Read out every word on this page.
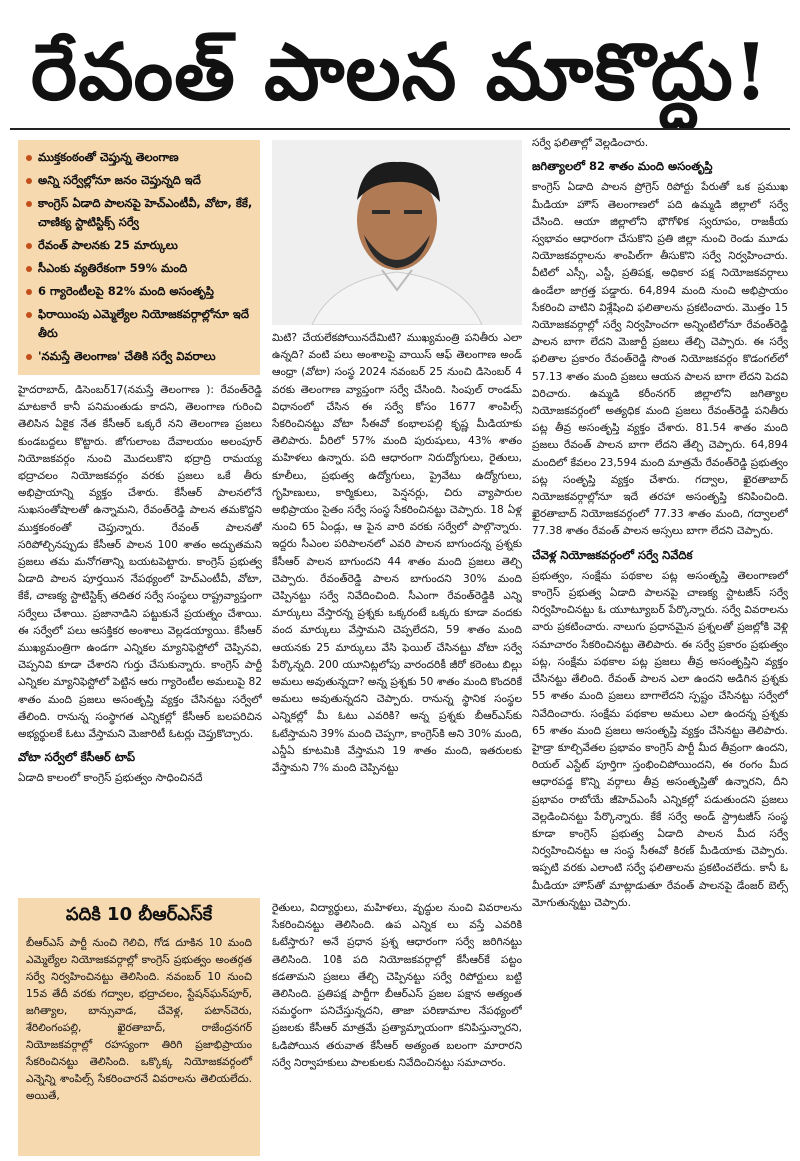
రేవంత్ పాలన మాకొద్దు!
ముక్తకంఠంతో చెప్తున్న తెలంగాణ
అన్ని సర్వేల్లోనూ జనం చెప్తున్నది ఇదే
కాంగ్రెస్ ఏడాది పాలనపై హెచ్ఎంటీవీ, వోటా, కేకే, చాణిక్య స్టాటిస్టిక్స్ సర్వే
రేవంత్ పాలనకు 25 మార్కులు
సీఎంకు వ్యతిరేకంగా 59% మంది
6 గ్యారెంటీలపై 82% మంది అసంతృప్తి
ఫిరాయింపు ఎమ్మెల్యేల నియోజకవర్గాల్లోనూ ఇదే తీరు
'నమస్తే తెలంగాణ' చేతికి సర్వే వివరాలు

హైదరాబాద్, డిసెంబర్17(నమస్తే తెలంగాణ ): రేవంత్‌రెడ్డి మాటకారే కానీ పనిమంతుడు కాదని, తెలంగాణ గురించి తెలిసిన ఏకైక నేత కేసీఆర్ ఒక్కరే నని తెలంగాణ ప్రజలు కుండబద్దలు కొట్టారు. జోగులాంబ దేవాలయం అలంపూర్ నియోజకవర్గం నుంచి మొదలుకొని భద్రాద్రి రామయ్య భద్రాచలం నియోజకవర్గం వరకు ప్రజలు ఒకే తీరు అభిప్రాయాన్ని వ్యక్తం చేశారు. కేసీఆర్ పాలనలోనే సుఖసంతోషాలతో ఉన్నామని, రేవంత్‌రెడ్డి పాలన తమకొద్దని ముక్తకంఠంతో చెప్తున్నారు. రేవంత్ పాలనతో సరిపోల్చినప్పుడు కేసీఆర్ పాలన 100 శాతం అద్భుతమని ప్రజలు తమ మనోగతాన్ని బయటపెట్టారు. కాంగ్రెస్ ప్రభుత్వ ఏడాది పాలన పూర్తయిన నేపథ్యంలో హెచ్ఎంటీవీ, వోటా, కేకే, చాణక్య స్టాటిస్టిక్స్ తదితర సర్వే సంస్థలు రాష్ట్రవ్యాప్తంగా సర్వేలు చేశాయి. ప్రజానాడిని పట్టుకునే ప్రయత్నం చేశాయి. ఈ సర్వేలో పలు ఆసక్తికర అంశాలు వెల్లడయ్యాయి. కేసీఆర్ ముఖ్యమంత్రిగా ఉండగా ఎన్నికల మ్యానిఫెస్టోలో చెప్పినవి, చెప్పనివి కూడా చేశారని గుర్తు చేసుకున్నారు. కాంగ్రెస్ పార్టీ ఎన్నికల మ్యానిఫెస్టోలో పెట్టిన ఆరు గ్యారెంటీల అమలుపై 82 శాతం మంది ప్రజలు అసంతృప్తి వ్యక్తం చేసినట్టు సర్వేలో తేలింది. రానున్న సంస్థాగత ఎన్నికల్లో కేసీఆర్ బలపరిచిన అభ్యర్థులకే ఓటు వేస్తామని మెజారిటీ ఓటర్లు చెప్తుకొచ్చారు.

వోటా సర్వేలో కేసీఆర్ టాప్

ఏడాది కాలంలో కాంగ్రెస్ ప్రభుత్వం సాధించినదే

మిటి? చేయలేకపోయినదేమిటి? ముఖ్యమంత్రి పనితీరు ఎలా ఉన్నది? వంటి పలు అంశాలపై వాయిస్ ఆఫ్ తెలంగాణ అండ్ ఆంధ్రా (వోటా) సంస్థ 2024 నవంబర్ 25 నుంచి డిసెంబర్ 4 వరకు తెలంగాణ వ్యాప్తంగా సర్వే చేసింది. సింపుల్ రాండమ్ విధానంలో చేసిన ఈ సర్వే కోసం 1677 శాంపిల్స్ సేకరించినట్టు వోటా సీఈవో కంభాలపల్లి కృష్ణ మీడియాకు తెలిపారు. వీరిలో 57% మంది పురుషులు, 43% శాతం మహిళలు ఉన్నారు. పది ఆధారంగా నిరుద్యోగులు, రైతులు, కూలీలు, ప్రభుత్వ ఉద్యోగులు, ప్రైవేటు ఉద్యోగులు, గృహిణులు, కార్మికులు, పెన్షనర్లు, చిరు వ్యాపారుల అభిప్రాయం సైతం సర్వే సంస్థ సేకరించినట్టు చెప్పారు. 18 ఏళ్ల నుంచి 65 ఏండ్లు, ఆ పైన వారి వరకు సర్వేలో పాల్గొన్నారు. ఇద్దరు సీఎంల పరిపాలనలో ఎవరి పాలన బాగుందన్న ప్రశ్నకు కేసీఆర్ పాలన బాగుందని 44 శాతం మంది ప్రజలు తెల్చి చెప్పారు. రేవంత్‌రెడ్డి పాలన బాగుందని 30% మంది చెప్పినట్టు సర్వే నివేదించింది. సీఎంగా రేవంత్‌రెడ్డికి ఎన్ని మార్కులు వేస్తారన్న ప్రశ్నకు ఒక్కరంటే ఒక్కరు కూడా వందకు వంద మార్కులు వేస్తామని చెప్పలేదని, 59 శాతం మంది ఆయనకు 25 మార్కులు వేసి ఫెయిల్ చేసినట్టు వోటా సర్వే పేర్కొన్నది. 200 యూనిట్లలోపు వారందరికీ జీరో కరెంటు బిల్లు అమలు అవుతున్నదా? అన్న ప్రశ్నకు 50 శాతం మంది కొందరికే అమలు అవుతున్నదని చెప్పారు. రానున్న స్థానిక సంస్థల ఎన్నికల్లో మీ ఓటు ఎవరికి? అన్న ప్రశ్నకు బీఆర్ఎస్‌కు ఓటేస్తామని 39% మంది చెప్పగా, కాంగ్రెస్‌కి అని 30% మంది, ఎన్డీఏ కూటమికి వేస్తామని 19 శాతం మంది, ఇతరులకు వేస్తామని 7% మంది చెప్పినట్టు

రైతులు, విద్యార్థులు, మహిళలు, వృద్ధుల నుంచి వివరాలను సేకరించినట్టు తెలిసింది. ఉప ఎన్నిక లు వస్తే ఎవరికి ఓటేస్తారు? అనే ప్రధాన ప్రశ్న ఆధారంగా సర్వే జరిగినట్టు తెలిసింది. 10కి పది నియోజకవర్గాల్లో కేసీఆర్‌కే పట్టం కడతామని ప్రజలు తేల్చి చెప్పినట్టు సర్వే రిపోర్టులు బట్టి తెలిసింది. ప్రతిపక్ష పార్టీగా బీఆర్ఎస్ ప్రజల పక్షాన అత్యంత సమర్థంగా పనిచేస్తున్నదని, తాజా పరిణామాల నేపథ్యంలో ప్రజలకు కేసీఆర్ మాత్రమే ప్రత్యామ్నాయంగా కనిపిస్తున్నారని, ఓడిపోయిన తరువాత కేసీఆర్ అత్యంత బలంగా మారారని సర్వే నిర్వాహకులు పాలకులకు నివేదించినట్టు సమాచారం.

పదికి 10 బీఆర్ఎస్‌కే
బీఆర్ఎస్ పార్టీ నుంచి గెలిచి, గోడ దూకిన 10 మంది ఎమ్మెల్యేల నియోజకవర్గాల్లో కాంగ్రెస్ ప్రభుత్వం అంతర్గత సర్వే నిర్వహించినట్టు తెలిసింది. నవంబర్ 10 నుంచి 15వ తేదీ వరకు గద్వాల, భద్రాచలం, స్టేషన్‌ఘన్‌పూర్, జగిత్యాల, బాన్సువాడ, చేవెళ్ల, పటాన్‌చెరు, శేరిలింగంపల్లి, ఖైరతాబాద్, రాజేంద్రనగర్ నియోజకవర్గాల్లో రహస్యంగా తిరిగి ప్రజాభిప్రాయం సేకరించినట్టు తెలిసింది. ఒక్కొక్క నియోజకవర్గంలో ఎన్నెన్ని శాంపిల్స్ సేకరించారనే వివరాలను తెలియలేదు. అయితే,

సర్వే ఫలితాల్లో వెల్లడించారు.

జగిత్యాలలో 82 శాతం మంది అసంతృప్తి

కాంగ్రెస్ ఏడాది పాలన ప్రోగ్రెస్ రిపోర్టు పేరుతో ఒక ప్రముఖ మీడియా హౌస్ తెలంగాణలో పది ఉమ్మడి జిల్లాలో సర్వే చేసింది. ఆయా జిల్లాలోని భౌగోళిక స్వరూపం, రాజకీయ స్వభావం ఆధారంగా చేసుకొని ప్రతి జిల్లా నుంచి రెండు మూడు నియోజకవర్గాలను శాంపిల్‌గా తీసుకొని సర్వే నిర్వహించారు. వీటిలో ఎస్సీ, ఎస్టీ, ప్రతిపక్ష, అధికార పక్ష నియోజకవర్గాలు ఉండేలా జాగ్రత్త పడ్డారు. 64,894 మంది నుంచి అభిప్రాయం సేకరించి వాటిని విశ్లేషించి ఫలితాలను ప్రకటించారు. మొత్తం 15 నియోజకవర్గాల్లో సర్వే నిర్వహించగా అన్నింటిలోనూ రేవంత్‌రెడ్డి పాలన బాగా లేదని మెజార్టీ ప్రజలు తేల్చి చెప్పారు. ఈ సర్వే ఫలితాల ప్రకారం రేవంత్‌రెడ్డి సొంత నియోజకవర్గం కొడంగల్‌లో 57.13 శాతం మంది ప్రజలు ఆయన పాలన బాగా లేదని పెదవి విరిచారు. ఉమ్మడి కరీంనగర్ జిల్లాలోని జగిత్యాల నియోజకవర్గంలో అత్యధిక మంది ప్రజలు రేవంత్‌రెడ్డి పనితీరు పట్ల తీవ్ర అసంతృప్తి వ్యక్తం చేశారు. 81.54 శాతం మంది ప్రజలు రేవంత్ పాలన బాగా లేదని తేల్చి చెప్పారు. 64,894 మందిలో కేవలం 23,594 మంది మాత్రమే రేవంత్‌రెడ్డి ప్రభుత్వం పట్ల సంతృప్తి వ్యక్తం చేశారు. గద్వాల, ఖైరతాబాద్ నియోజకవర్గాల్లోనూ ఇదే తరహా అసంతృప్తి కనిపించింది. ఖైరతాబాద్ నియోజకవర్గంలో 77.33 శాతం మంది, గద్వాలలో 77.38 శాతం రేవంత్ పాలన అస్సలు బాగా లేదని చెప్పారు.

చేవెళ్ల నియోజకవర్గంలో సర్వే నివేదిక

ప్రభుత్వం, సంక్షేమ పథకాల పట్ల అసంతృప్తి తెలంగాణలో కాంగ్రెస్ ప్రభుత్వ ఏడాది పాలనపై చాణక్య స్టాటజీస్ సర్వే నిర్వహించినట్టు ఓ యూట్యూబర్ పేర్కొన్నారు. సర్వే వివరాలను వారు ప్రకటించారు. నాలుగు ప్రధానమైన ప్రశ్నలతో ప్రజల్లోకి వెళ్లి సమాచారం సేకరించినట్టు తెలిపారు. ఈ సర్వే ప్రకారం ప్రభుత్వం పట్ల, సంక్షేమ పథకాల పట్ల ప్రజలు తీవ్ర అసంతృప్తిని వ్యక్తం చేసినట్టు తేలింది. రేవంత్ పాలన ఎలా ఉందని అడిగిన ప్రశ్నకు 55 శాతం మంది ప్రజలు బాగాలేదని స్పష్టం చేసినట్టు సర్వేలో నివేదించారు. సంక్షేమ పథకాల అమలు ఎలా ఉందన్న ప్రశ్నకు 65 శాతం మంది ప్రజలు అసంతృప్తి వ్యక్తం చేసినట్టు తెలిపారు. హైడ్రా కూల్చివేతల ప్రభావం కాంగ్రెస్ పార్టీ మీద తీవ్రంగా ఉందని, రియల్ ఎస్టేట్ పూర్తిగా స్తంభించిపోయిందని, ఈ రంగం మీద ఆధారపడ్డ కొన్ని వర్గాలు తీవ్ర అసంతృప్తితో ఉన్నారని, దీని ప్రభావం రాబోయే జీహెచ్ఎంసీ ఎన్నికల్లో పడుతుందని ప్రజలు వెల్లడించినట్టు పేర్కొన్నారు. కేకే సర్వే అండ్ స్ట్రాటజీస్ సంస్థ కూడా కాంగ్రెస్ ప్రభుత్వ ఏడాది పాలన మీద సర్వే నిర్వహించినట్టు ఆ సంస్థ సీఈవో కిరణ్ మీడియాకు చెప్పారు. ఇప్పటి వరకు ఎలాంటి సర్వే ఫలితాలను ప్రకటించలేదు. కానీ ఓ మీడియా హౌస్‌తో మాట్లాడుతూ రేవంత్ పాలనపై డేంజర్ బెల్స్ మోగుతున్నట్టు చెప్పారు.
